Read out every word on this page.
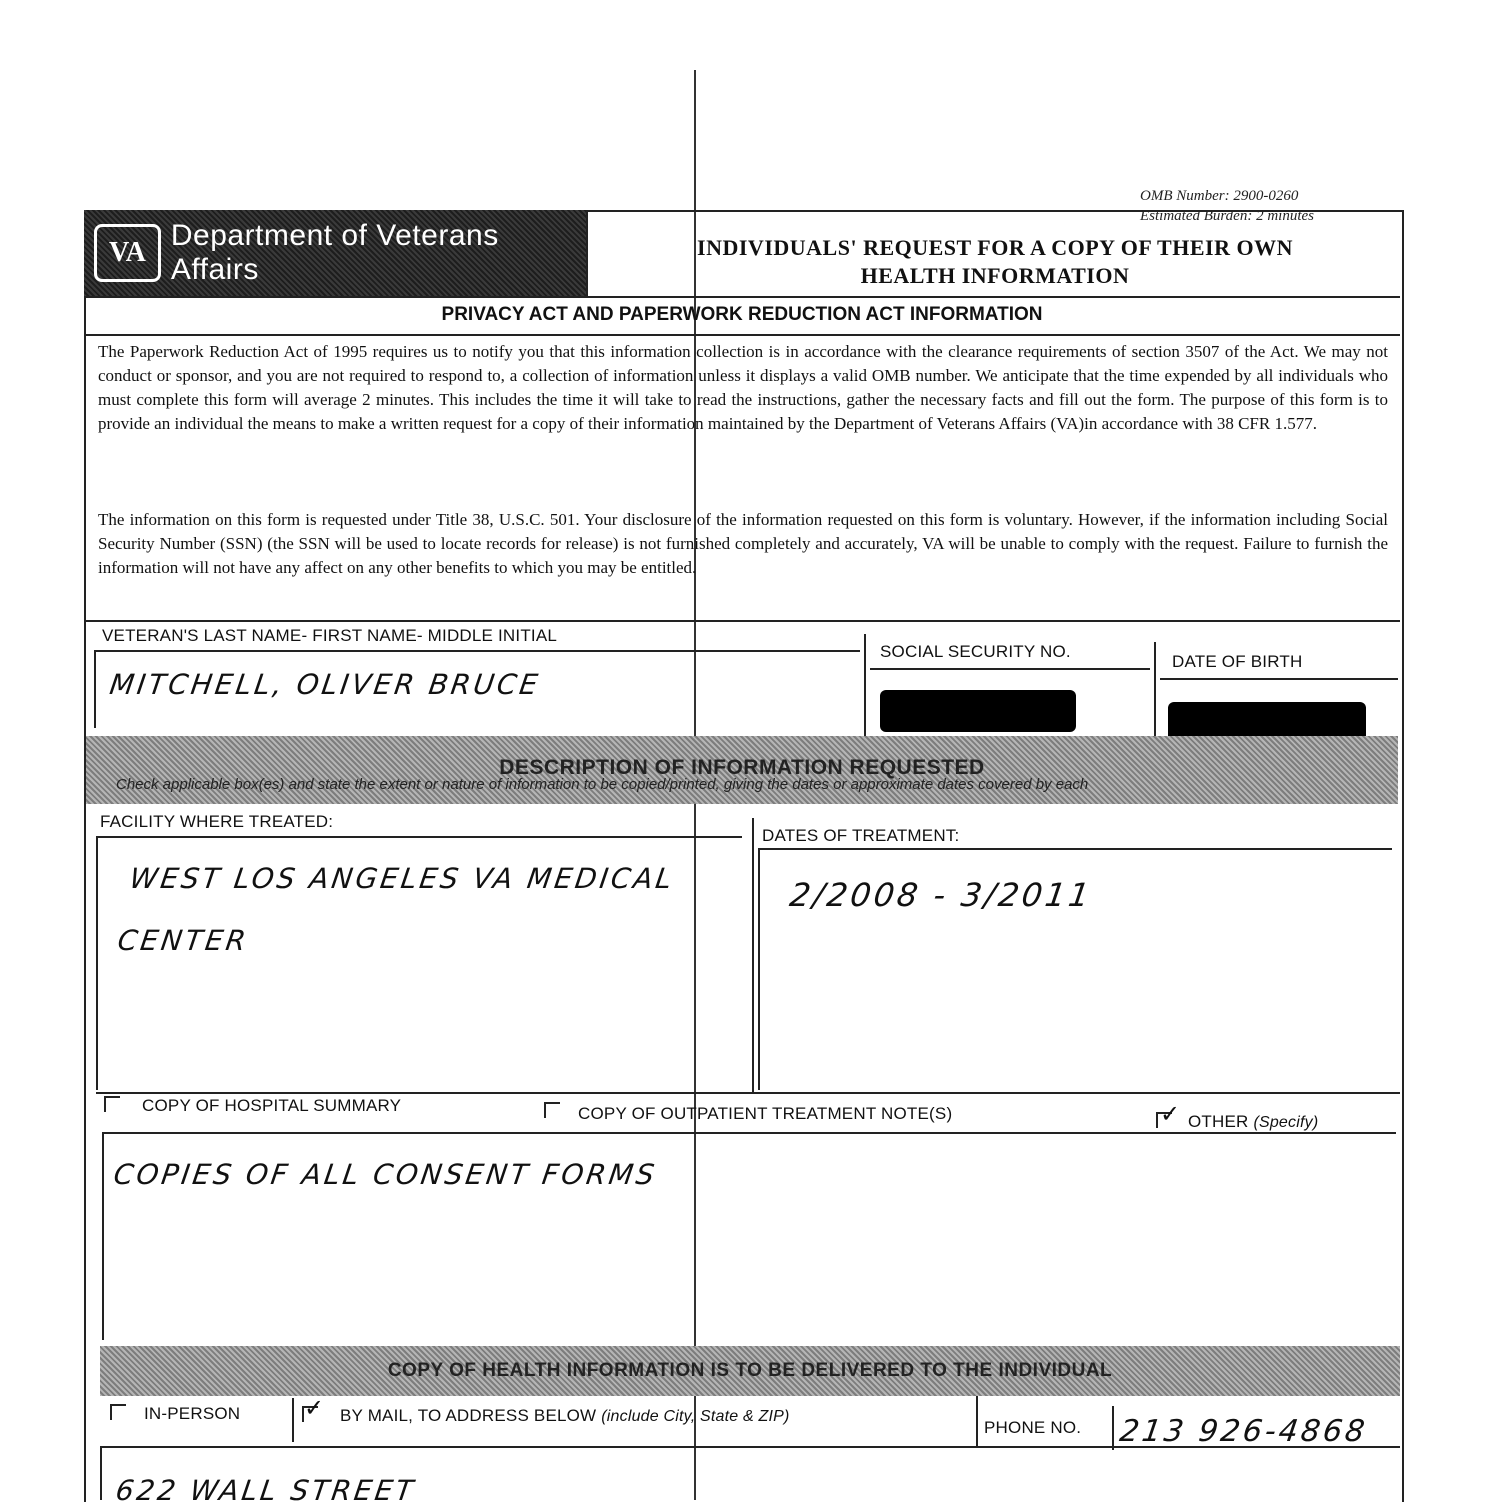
OMB Number: 2900-0260
Estimated Burden: 2 minutes
VA
Department of Veterans Affairs
INDIVIDUALS' REQUEST FOR A COPY OF THEIR OWN
HEALTH INFORMATION
PRIVACY ACT AND PAPERWORK REDUCTION ACT INFORMATION
The Paperwork Reduction Act of 1995 requires us to notify you that this information collection is in accordance with the clearance requirements of section 3507 of the Act. We may not conduct or sponsor, and you are not required to respond to, a collection of information unless it displays a valid OMB number. We anticipate that the time expended by all individuals who must complete this form will average 2 minutes. This includes the time it will take to read the instructions, gather the necessary facts and fill out the form. The purpose of this form is to provide an individual the means to make a written request for a copy of their information maintained by the Department of Veterans Affairs (VA)in accordance with 38 CFR 1.577.
The information on this form is requested under Title 38, U.S.C. 501. Your disclosure of the information requested on this form is voluntary. However, if the information including Social Security Number (SSN) (the SSN will be used to locate records for release) is not furnished completely and accurately, VA will be unable to comply with the request. Failure to furnish the information will not have any affect on any other benefits to which you may be entitled.
VETERAN'S LAST NAME- FIRST NAME- MIDDLE INITIAL
MITCHELL, OLIVER BRUCE
SOCIAL SECURITY NO.
DATE OF BIRTH
DESCRIPTION OF INFORMATION REQUESTED
Check applicable box(es) and state the extent or nature of information to be copied/printed, giving the dates or approximate dates covered by each
FACILITY WHERE TREATED:
WEST LOS ANGELES VA MEDICAL
CENTER
DATES OF TREATMENT:
2/2008 - 3/2011
COPY OF HOSPITAL SUMMARY	COPY OF OUTPATIENT TREATMENT NOTE(S)	✓ OTHER (Specify)
COPIES OF ALL CONSENT FORMS
COPY OF HEALTH INFORMATION IS TO BE DELIVERED TO THE INDIVIDUAL
IN-PERSON	✓ BY MAIL, TO ADDRESS BELOW (include City, State & ZIP)
PHONE NO. 213 926-4868
622 WALL STREET
